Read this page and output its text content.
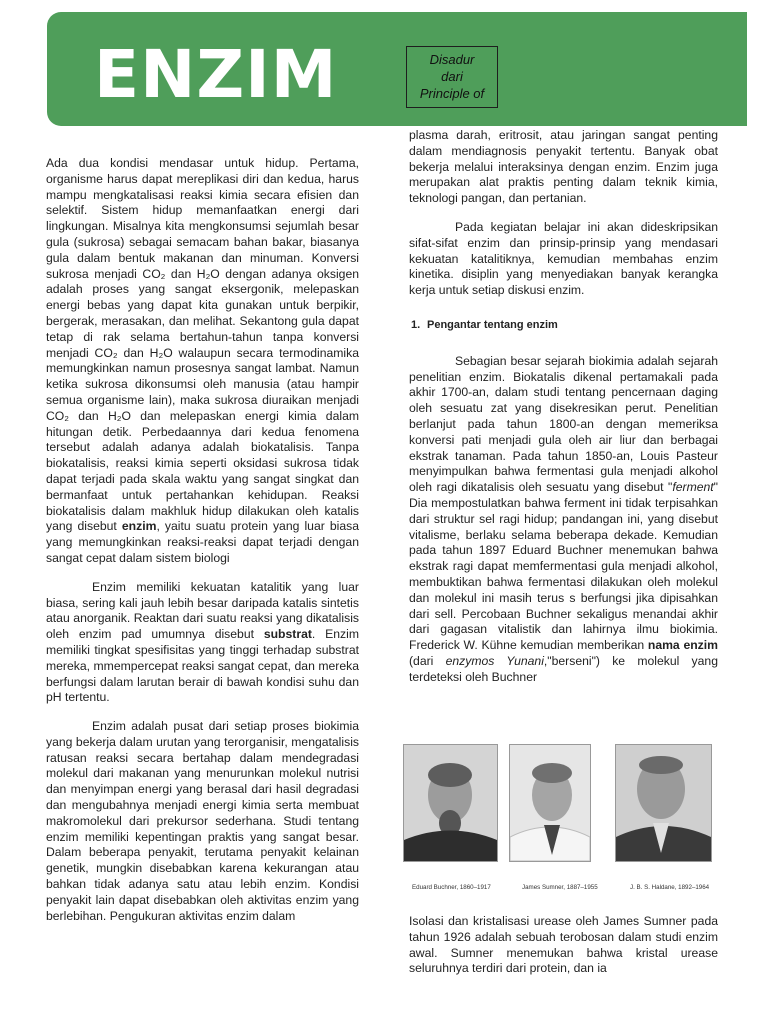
ENZIM	Disadur
dari
Principle of

Ada dua kondisi mendasar untuk hidup. Pertama, organisme harus dapat mereplikasi diri dan kedua, harus mampu mengkatalisasi reaksi kimia secara efisien dan selektif. Sistem hidup memanfaatkan energi dari lingkungan. Misalnya kita mengkonsumsi sejumlah besar gula (sukrosa) sebagai semacam bahan bakar, biasanya gula dalam bentuk makanan dan minuman. Konversi sukrosa menjadi CO₂ dan H₂O dengan adanya oksigen adalah proses yang sangat eksergonik, melepaskan energi bebas yang dapat kita gunakan untuk berpikir, bergerak, merasakan, dan melihat. Sekantong gula dapat tetap di rak selama bertahun-tahun tanpa konversi menjadi CO₂ dan H₂O walaupun secara termodinamika memungkinkan namun prosesnya sangat lambat. Namun ketika sukrosa dikonsumsi oleh manusia (atau hampir semua organisme lain), maka sukrosa diuraikan menjadi CO₂ dan H₂O dan melepaskan energi kimia dalam hitungan detik. Perbedaannya dari kedua fenomena tersebut adalah adanya adalah biokatalisis. Tanpa biokatalisis, reaksi kimia seperti oksidasi sukrosa tidak dapat terjadi pada skala waktu yang sangat singkat dan bermanfaat untuk pertahankan kehidupan. Reaksi biokatalisis dalam makhluk hidup dilakukan oleh katalis yang disebut enzim, yaitu suatu protein yang luar biasa yang memungkinkan reaksi-reaksi dapat terjadi dengan sangat cepat dalam sistem biologi

Enzim memiliki kekuatan katalitik yang luar biasa, sering kali jauh lebih besar daripada katalis sintetis atau anorganik. Reaktan dari suatu reaksi yang dikatalisis oleh enzim pad umumnya disebut substrat. Enzim memiliki tingkat spesifisitas yang tinggi terhadap substrat mereka, mmempercepat reaksi sangat cepat, dan mereka berfungsi dalam larutan berair di bawah kondisi suhu dan pH tertentu.

Enzim adalah pusat dari setiap proses biokimia yang bekerja dalam urutan yang terorganisir, mengatalisis ratusan reaksi secara bertahap dalam mendegradasi molekul dari makanan yang menurunkan molekul nutrisi dan menyimpan energi yang berasal dari hasil degradasi dan mengubahnya menjadi energi kimia serta membuat makromolekul dari prekursor sederhana. Studi tentang enzim memiliki kepentingan praktis yang sangat besar. Dalam beberapa penyakit, terutama penyakit kelainan genetik, mungkin disebabkan karena kekurangan atau bahkan tidak adanya satu atau lebih enzim. Kondisi penyakit lain dapat disebabkan oleh aktivitas enzim yang berlebihan. Pengukuran aktivitas enzim dalam

plasma darah, eritrosit, atau jaringan sangat penting dalam mendiagnosis penyakit tertentu. Banyak obat bekerja melalui interaksinya dengan enzim. Enzim juga merupakan alat praktis penting dalam teknik kimia, teknologi pangan, dan pertanian.

Pada kegiatan belajar ini akan dideskripsikan sifat-sifat enzim dan prinsip-prinsip yang mendasari kekuatan katalitiknya, kemudian membahas enzim kinetika. disiplin yang menyediakan banyak kerangka kerja untuk setiap diskusi enzim.

1. Pengantar tentang enzim

Sebagian besar sejarah biokimia adalah sejarah penelitian enzim. Biokatalis dikenal pertamakali pada akhir 1700-an, dalam studi tentang pencernaan daging oleh sesuatu zat yang disekresikan perut. Penelitian berlanjut pada tahun 1800-an dengan memeriksa konversi pati menjadi gula oleh air liur dan berbagai ekstrak tanaman. Pada tahun 1850-an, Louis Pasteur menyimpulkan bahwa fermentasi gula menjadi alkohol oleh ragi dikatalisis oleh sesuatu yang disebut "ferment" Dia mempostulatkan bahwa ferment ini tidak terpisahkan dari struktur sel ragi hidup; pandangan ini, yang disebut vitalisme, berlaku selama beberapa dekade. Kemudian pada tahun 1897 Eduard Buchner menemukan bahwa ekstrak ragi dapat memfermentasi gula menjadi alkohol, membuktikan bahwa fermentasi dilakukan oleh molekul dan molekul ini masih terus s berfungsi jika dipisahkan dari sell. Percobaan Buchner sekaligus menandai akhir dari gagasan vitalistik dan lahirnya ilmu biokimia. Frederick W. Kühne kemudian memberikan nama enzim (dari enzymos Yunani,"berseni") ke molekul yang terdeteksi oleh Buchner

Eduard Buchner, 1860–1917	James Sumner, 1887–1955	J. B. S. Haldane, 1892–1964

Isolasi dan kristalisasi urease oleh James Sumner pada tahun 1926 adalah sebuah terobosan dalam studi enzim awal. Sumner menemukan bahwa kristal urease seluruhnya terdiri dari protein, dan ia
